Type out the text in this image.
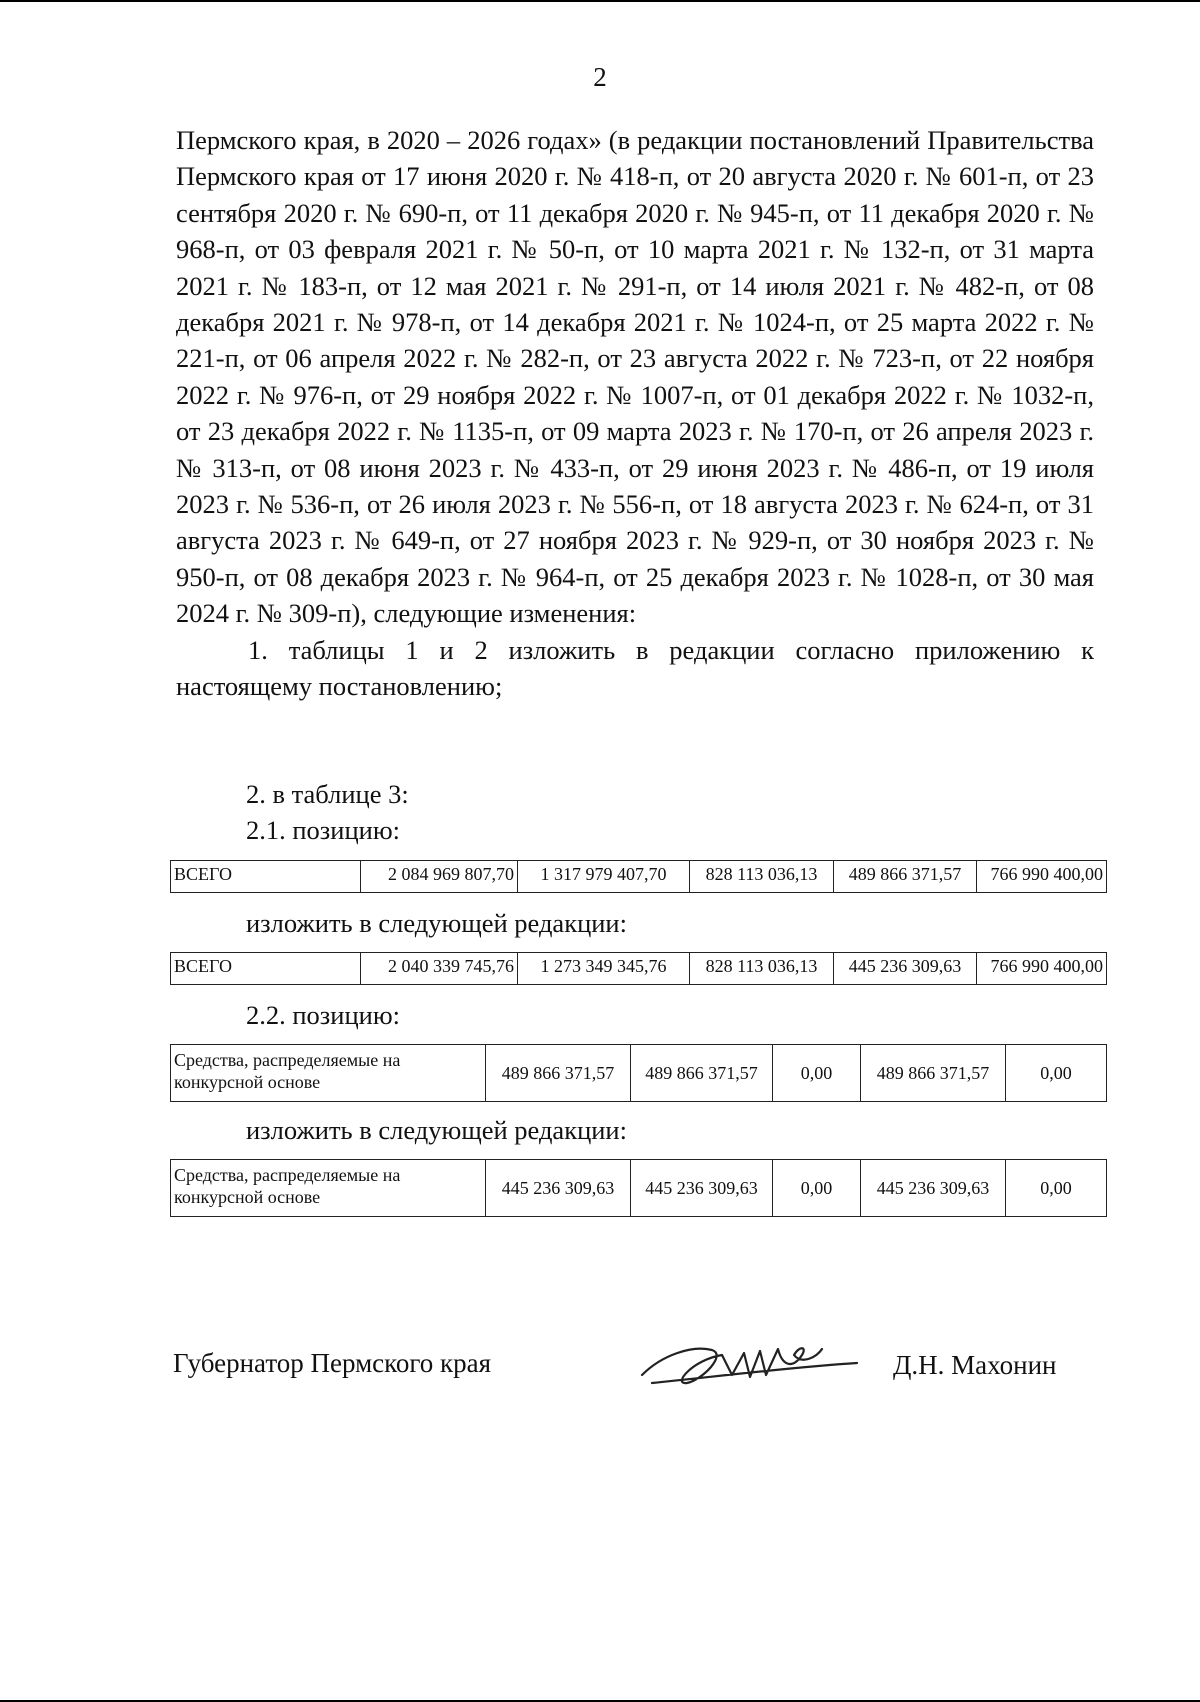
2

Пермского края, в 2020 – 2026 годах» (в редакции постановлений Правительства Пермского края от 17 июня 2020 г. № 418-п, от 20 августа 2020 г. № 601-п, от 23 сентября 2020 г. № 690-п, от 11 декабря 2020 г. № 945-п, от 11 декабря 2020 г. № 968-п, от 03 февраля 2021 г. № 50-п, от 10 марта 2021 г. № 132-п, от 31 марта 2021 г. № 183-п, от 12 мая 2021 г. № 291-п, от 14 июля 2021 г. № 482-п, от 08 декабря 2021 г. № 978-п, от 14 декабря 2021 г. № 1024-п, от 25 марта 2022 г. № 221-п, от 06 апреля 2022 г. № 282-п, от 23 августа 2022 г. № 723-п, от 22 ноября 2022 г. № 976-п, от 29 ноября 2022 г. № 1007-п, от 01 декабря 2022 г. № 1032-п, от 23 декабря 2022 г. № 1135-п, от 09 марта 2023 г. № 170-п, от 26 апреля 2023 г. № 313-п, от 08 июня 2023 г. № 433-п, от 29 июня 2023 г. № 486-п, от 19 июля 2023 г. № 536-п, от 26 июля 2023 г. № 556-п, от 18 августа 2023 г. № 624-п, от 31 августа 2023 г. № 649-п, от 27 ноября 2023 г. № 929-п, от 30 ноября 2023 г. № 950-п, от 08 декабря 2023 г. № 964-п, от 25 декабря 2023 г. № 1028-п, от 30 мая 2024 г. № 309-п), следующие изменения:

1. таблицы 1 и 2 изложить в редакции согласно приложению к настоящему постановлению;

2. в таблице 3:
2.1. позицию:
ВСЕГО	2 084 969 807,70	1 317 979 407,70	828 113 036,13	489 866 371,57	766 990 400,00
изложить в следующей редакции:
ВСЕГО	2 040 339 745,76	1 273 349 345,76	828 113 036,13	445 236 309,63	766 990 400,00
2.2. позицию:
Средства, распределяемые на конкурсной основе	489 866 371,57	489 866 371,57	0,00	489 866 371,57	0,00
изложить в следующей редакции:
Средства, распределяемые на конкурсной основе	445 236 309,63	445 236 309,63	0,00	445 236 309,63	0,00
Губернатор Пермского края	Д.Н. Махонин
